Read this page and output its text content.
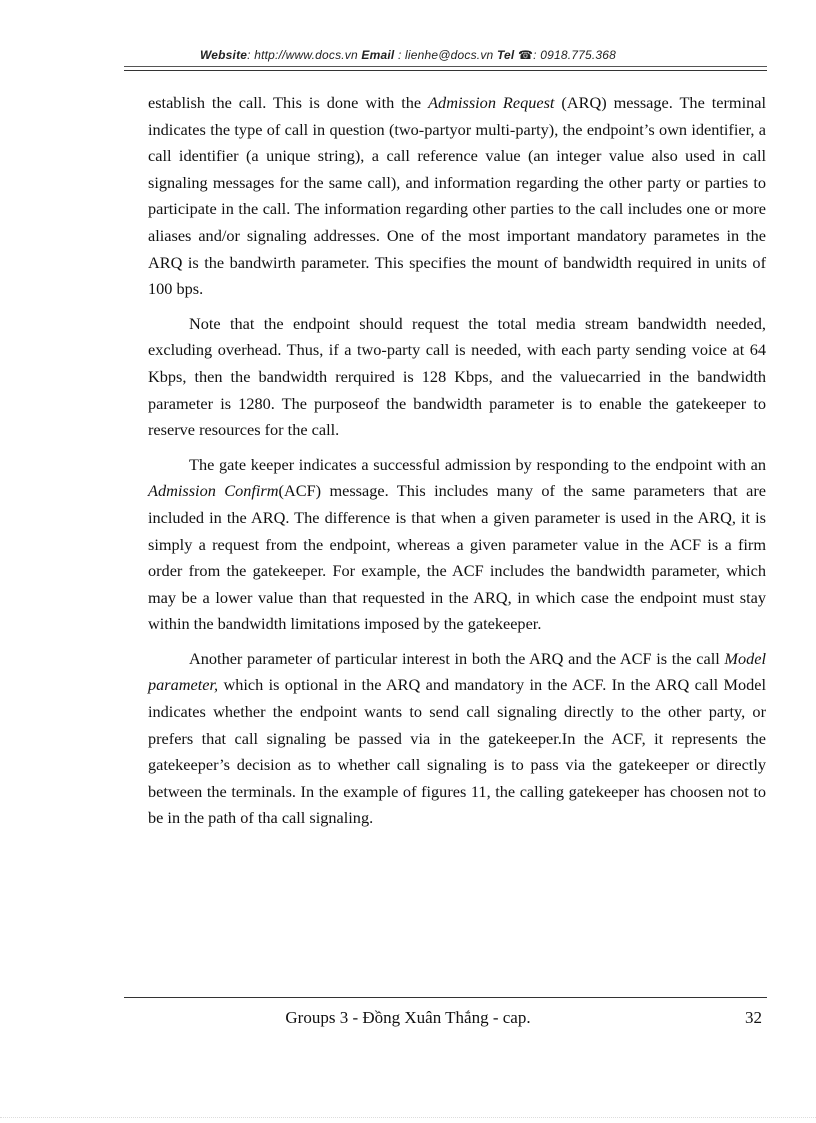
Website: http://www.docs.vn Email : lienhe@docs.vn Tel ☎: 0918.775.368

establish the call. This is done with the Admission Request (ARQ) message. The terminal indicates the type of call in question (two-partyor multi-party), the endpoint’s own identifier, a call identifier (a unique string), a call reference value (an integer value also used in call signaling messages for the same call), and information regarding the other party or parties to participate in the call. The information regarding other parties to the call includes one or more aliases and/or signaling addresses. One of the most important mandatory parametes in the ARQ is the bandwirth parameter. This specifies the mount of bandwidth required in units of 100 bps.

Note that the endpoint should request the total media stream bandwidth needed, excluding overhead. Thus, if a two-party call is needed, with each party sending voice at 64 Kbps, then the bandwidth rerquired is 128 Kbps, and the valuecarried in the bandwidth parameter is 1280. The purposeof the bandwidth parameter is to enable the gatekeeper to reserve resources for the call.

The gate keeper indicates a successful admission by responding to the endpoint with an Admission Confirm(ACF) message. This includes many of the same parameters that are included in the ARQ. The difference is that when a given parameter is used in the ARQ, it is simply a request from the endpoint, whereas a given parameter value in the ACF is a firm order from the gatekeeper. For example, the ACF includes the bandwidth parameter, which may be a lower value than that requested in the ARQ, in which case the endpoint must stay within the bandwidth limitations imposed by the gatekeeper.

Another parameter of particular interest in both the ARQ and the ACF is the call Model parameter, which is optional in the ARQ and mandatory in the ACF. In the ARQ call Model indicates whether the endpoint wants to send call signaling directly to the other party, or prefers that call signaling be passed via in the gatekeeper.In the ACF, it represents the gatekeeper’s decision as to whether call signaling is to pass via the gatekeeper or directly between the terminals. In the example of figures 11, the calling gatekeeper has choosen not to be in the path of tha call signaling.

Groups 3 - Đồng Xuân Thắng - cap.	32
